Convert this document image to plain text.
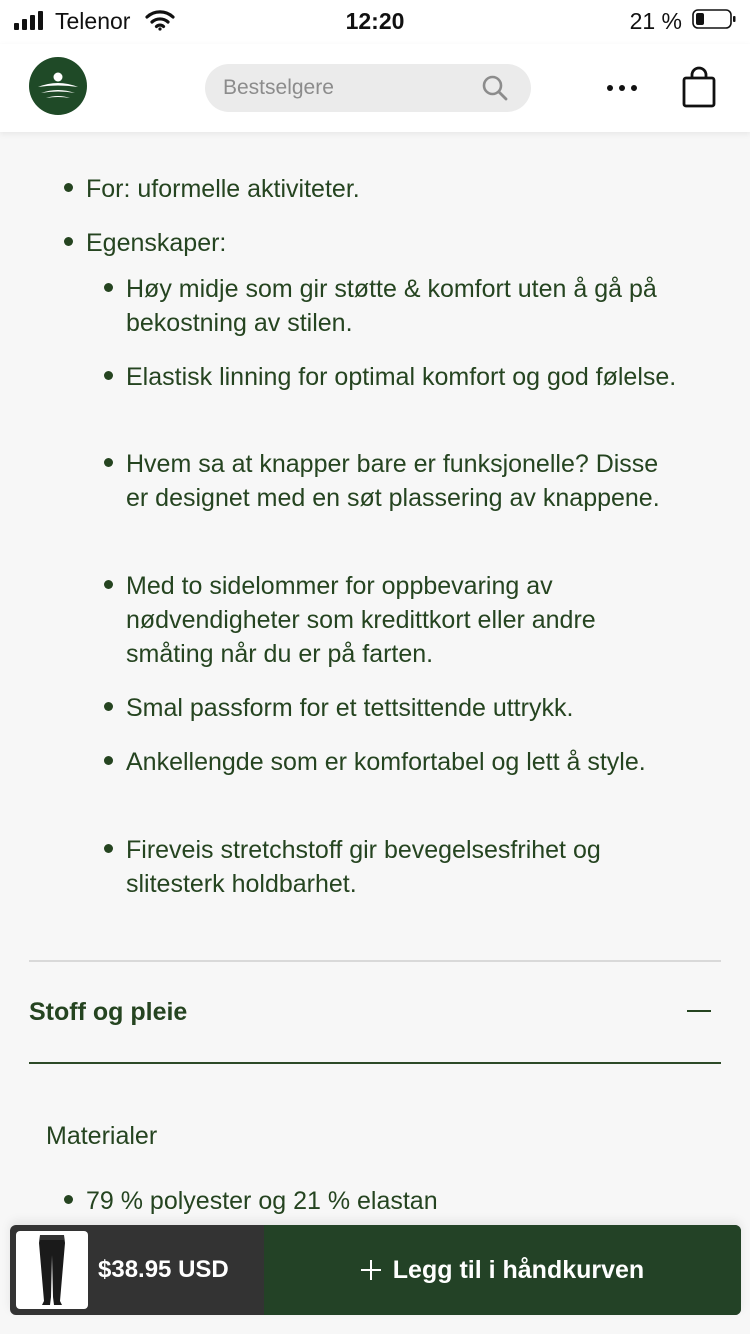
Telenor	12:20	21 %
Bestselgere
For: uformelle aktiviteter.
Egenskaper:
Høy midje som gir støtte & komfort uten å gå på bekostning av stilen.
Elastisk linning for optimal komfort og god følelse.
Hvem sa at knapper bare er funksjonelle? Disse er designet med en søt plassering av knappene.
Med to sidelommer for oppbevaring av nødvendigheter som kredittkort eller andre småting når du er på farten.
Smal passform for et tettsittende uttrykk.
Ankellengde som er komfortabel og lett å style.
Fireveis stretchstoff gir bevegelsesfrihet og slitesterk holdbarhet.
Stoff og pleie
Materialer
79 % polyester og 21 % elastan
$38.95 USD	Legg til i håndkurven
